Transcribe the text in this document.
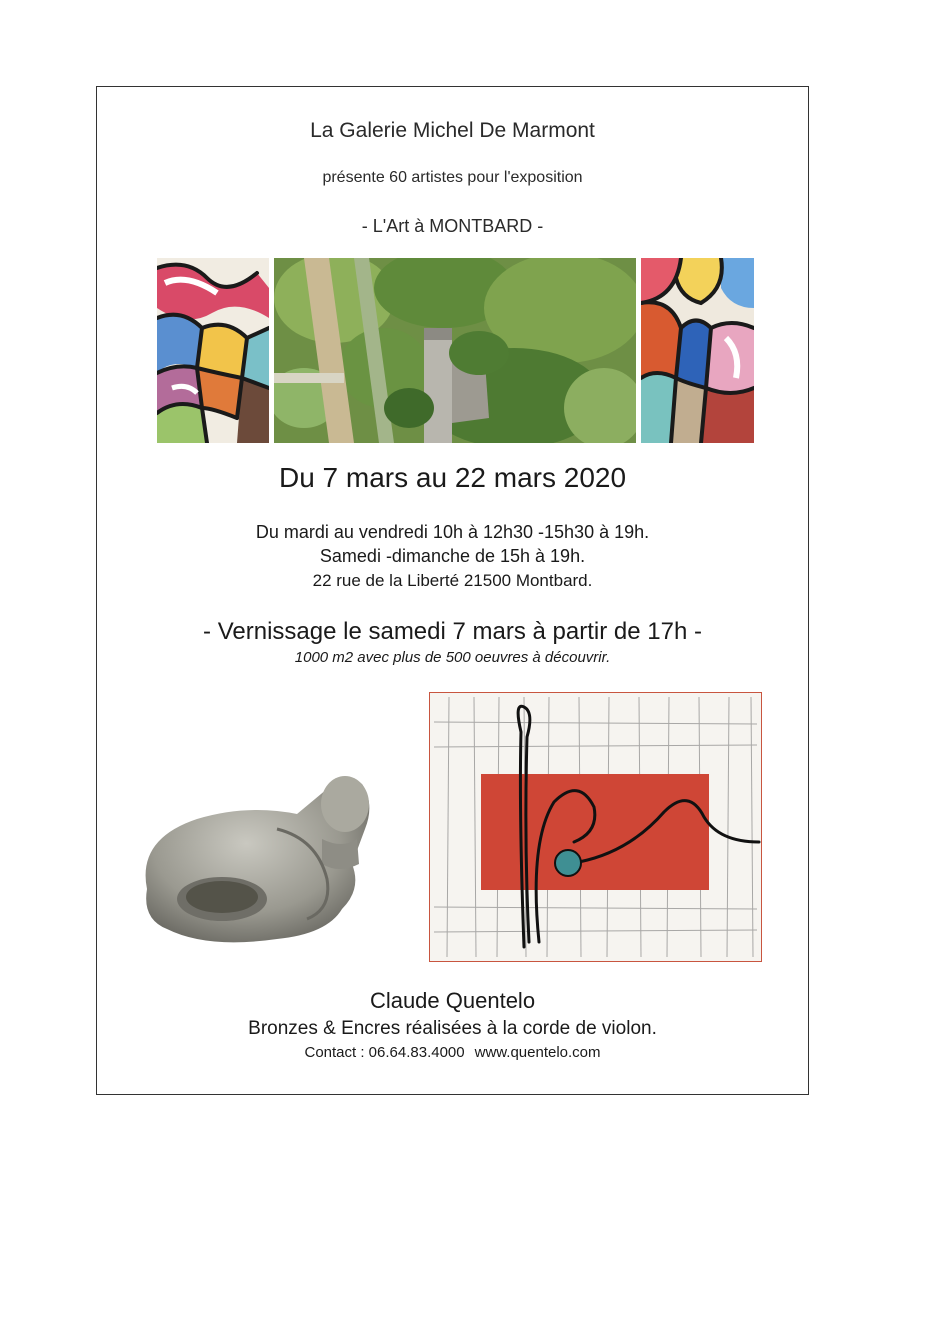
La Galerie Michel De Marmont
présente 60 artistes pour l'exposition
- L'Art à MONTBARD -
Du 7 mars au 22 mars 2020
Du mardi au vendredi 10h à 12h30 -15h30 à 19h.
Samedi -dimanche de 15h à 19h.
22 rue de la Liberté 21500 Montbard.
- Vernissage le samedi 7 mars à partir de 17h -
1000 m2 avec plus de 500 oeuvres à découvrir.
Claude Quentelo
Bronzes & Encres réalisées à la corde de violon.
Contact : 06.64.83.4000 www.quentelo.com
